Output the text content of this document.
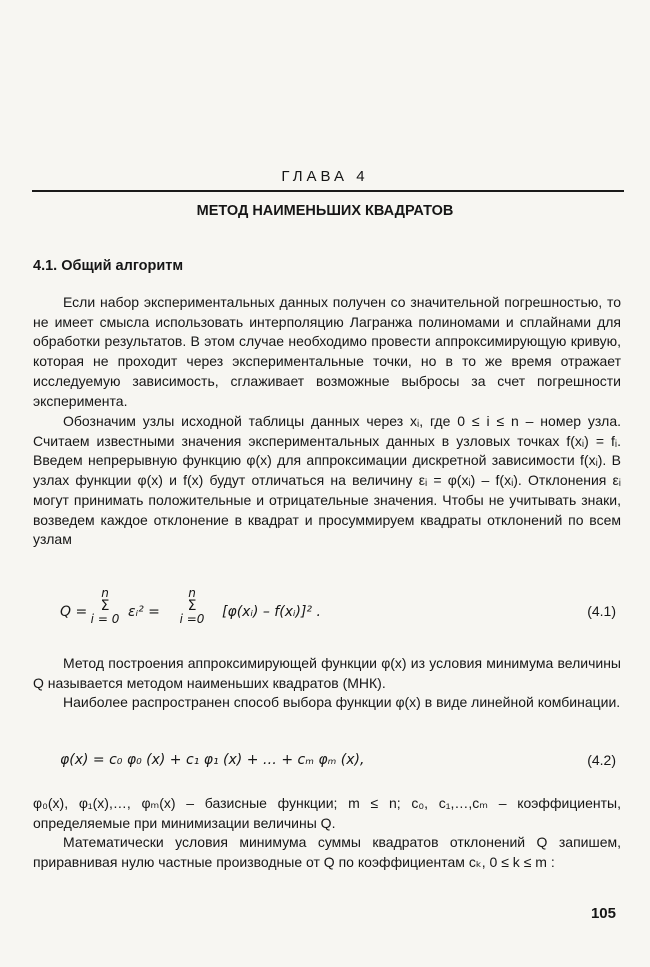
ГЛАВА 4
МЕТОД НАИМЕНЬШИХ КВАДРАТОВ
4.1. Общий алгоритм

Если набор экспериментальных данных получен со значительной погрешностью, то не имеет смысла использовать интерполяцию Лагранжа полиномами и сплайнами для обработки результатов. В этом случае необходимо провести аппроксимирующую кривую, которая не проходит через экспериментальные точки, но в то же время отражает исследуемую зависимость, сглаживает возможные выбросы за счет погрешности эксперимента.

Обозначим узлы исходной таблицы данных через xᵢ, где 0 ≤ i ≤ n – номер узла. Считаем известными значения экспериментальных данных в узловых точках f(xᵢ) = fᵢ. Введем непрерывную функцию φ(x) для аппроксимации дискретной зависимости f(xᵢ). В узлах функции φ(x) и f(x) будут отличаться на величину εᵢ = φ(xᵢ) – f(xᵢ). Отклонения εᵢ могут принимать положительные и отрицательные значения. Чтобы не учитывать знаки, возведем каждое отклонение в квадрат и просуммируем квадраты отклонений по всем узлам

Q =
n
Σ
i = 0 εᵢ² =
n
Σ
i =0 [φ(xᵢ) – f(xᵢ)]² .	(4.1)

Метод построения аппроксимирующей функции φ(x) из условия минимума величины Q называется методом наименьших квадратов (МНК).

Наиболее распространен способ выбора функции φ(x) в виде линейной комбинации.

φ(x) = c₀ φ₀ (x) + c₁ φ₁ (x) + … + cₘ φₘ (x),	(4.2)

φ₀(x), φ₁(x),…, φₘ(x) – базисные функции; m ≤ n; c₀, c₁,…,cₘ – коэффициенты, определяемые при минимизации величины Q.

Математически условия минимума суммы квадратов отклонений Q запишем, приравнивая нулю частные производные от Q по коэффициентам cₖ, 0 ≤ k ≤ m :

105
